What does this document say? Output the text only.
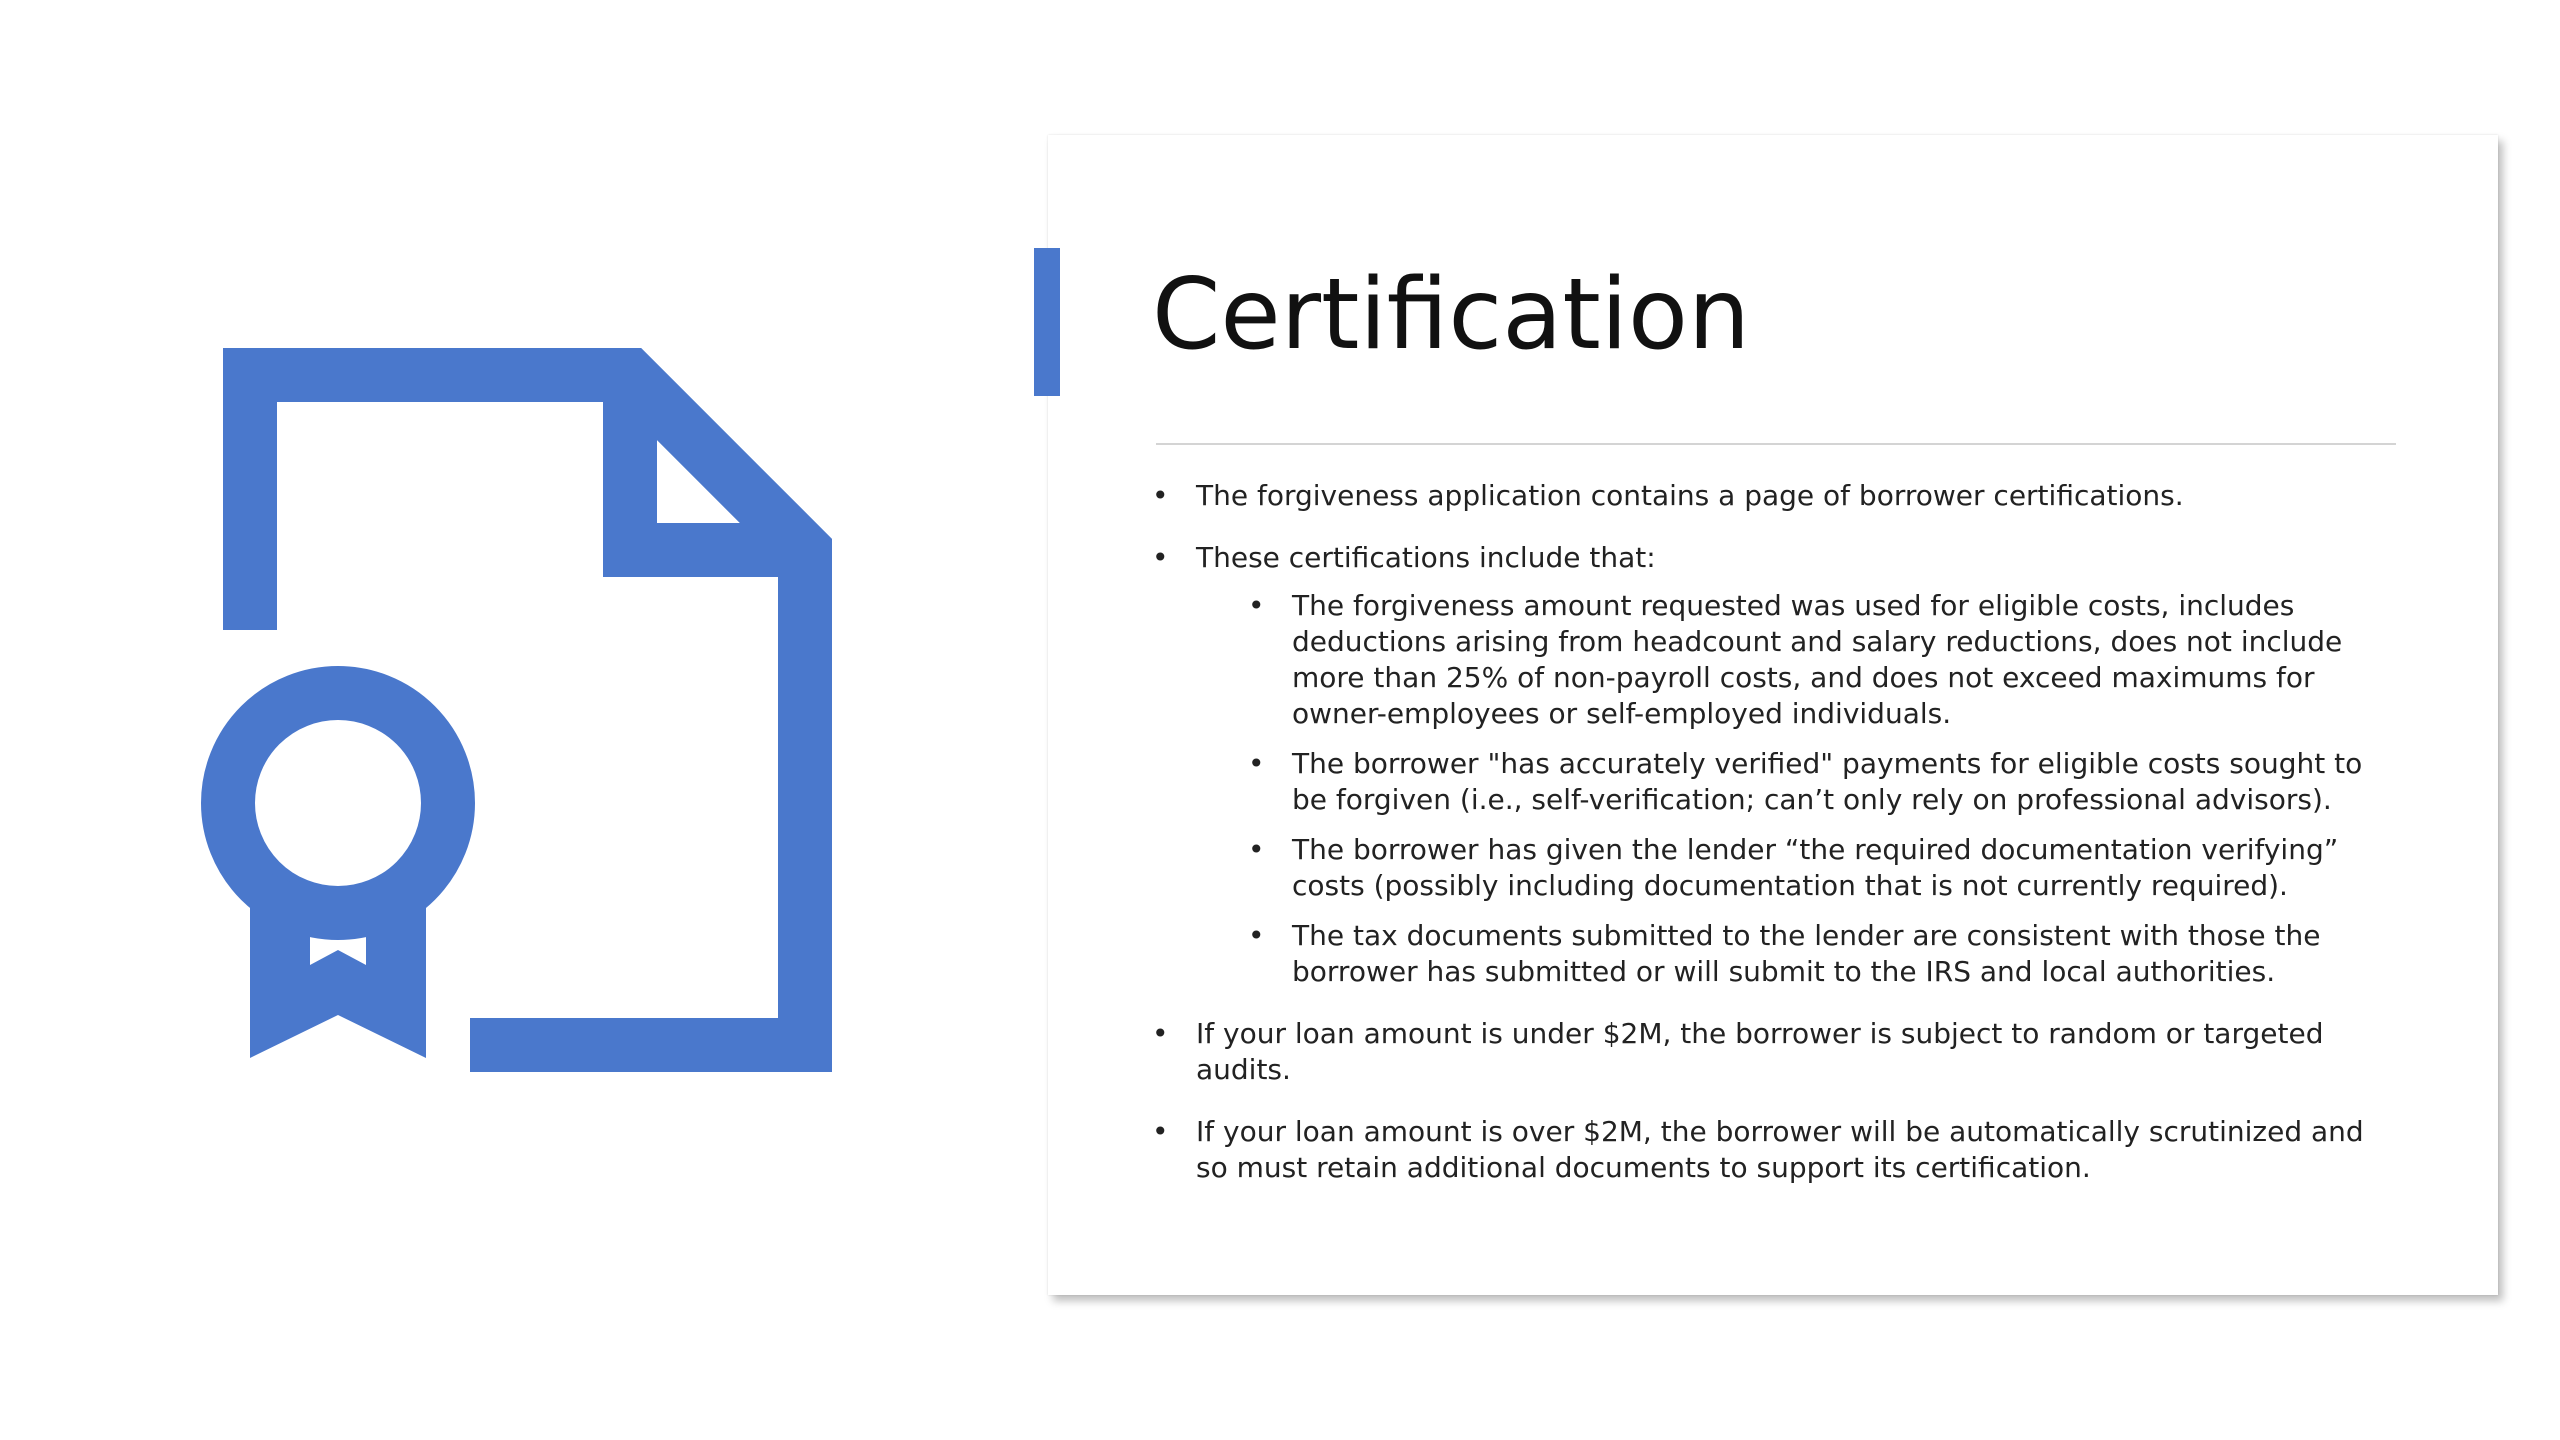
Certification
• The forgiveness application contains a page of borrower certifications.
• These certifications include that:
• The forgiveness amount requested was used for eligible costs, includes deductions arising from headcount and salary reductions, does not include more than 25% of non-payroll costs, and does not exceed maximums for owner-employees or self-employed individuals.
• The borrower "has accurately verified" payments for eligible costs sought to be forgiven (i.e., self-verification; can’t only rely on professional advisors).
• The borrower has given the lender “the required documentation verifying” costs (possibly including documentation that is not currently required).
• The tax documents submitted to the lender are consistent with those the borrower has submitted or will submit to the IRS and local authorities.
• If your loan amount is under $2M, the borrower is subject to random or targeted audits.
• If your loan amount is over $2M, the borrower will be automatically scrutinized and so must retain additional documents to support its certification.
